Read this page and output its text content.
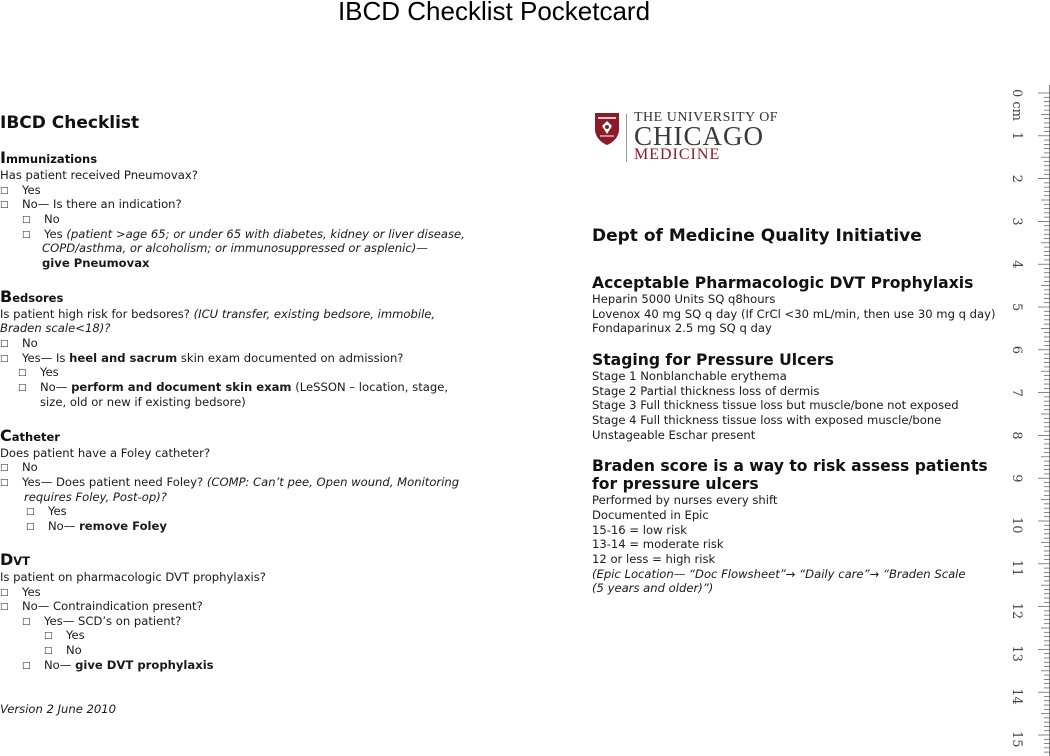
IBCD Checklist Pocketcard
IBCD Checklist
Immunizations
Has patient received Pneumovax?
□ Yes
□ No— Is there an indication?
□ No
□ Yes (patient >age 65; or under 65 with diabetes, kidney or liver disease,
COPD/asthma, or alcoholism; or immunosuppressed or asplenic)—
give Pneumovax
Bedsores
Is patient high risk for bedsores? (ICU transfer, existing bedsore, immobile,
Braden scale<18)?
□ No
□ Yes— Is heel and sacrum skin exam documented on admission?
□ Yes
□ No— perform and document skin exam (LeSSON – location, stage,
size, old or new if existing bedsore)
Catheter
Does patient have a Foley catheter?
□ No
□ Yes— Does patient need Foley? (COMP: Can’t pee, Open wound, Monitoring
requires Foley, Post-op)?
□ Yes
□ No— remove Foley
DVT
Is patient on pharmacologic DVT prophylaxis?
□ Yes
□ No— Contraindication present?
□ Yes— SCD’s on patient?
□ Yes
□ No
□ No— give DVT prophylaxis
Version 2 June 2010
THE UNIVERSITY OF
CHICAGO
MEDICINE
Dept of Medicine Quality Initiative
Acceptable Pharmacologic DVT Prophylaxis
Heparin 5000 Units SQ q8hours
Lovenox 40 mg SQ q day (If CrCl <30 mL/min, then use 30 mg q day)
Fondaparinux 2.5 mg SQ q day
Staging for Pressure Ulcers
Stage 1 Nonblanchable erythema
Stage 2 Partial thickness loss of dermis
Stage 3 Full thickness tissue loss but muscle/bone not exposed
Stage 4 Full thickness tissue loss with exposed muscle/bone
Unstageable Eschar present
Braden score is a way to risk assess patients
for pressure ulcers
Performed by nurses every shift
Documented in Epic
15-16 = low risk
13-14 = moderate risk
12 or less = high risk
(Epic Location— “Doc Flowsheet”→ “Daily care”→ “Braden Scale
(5 years and older)”)
0 cm
1
2
3
4
5
6
7
8
9
10
11
12
13
14
15
